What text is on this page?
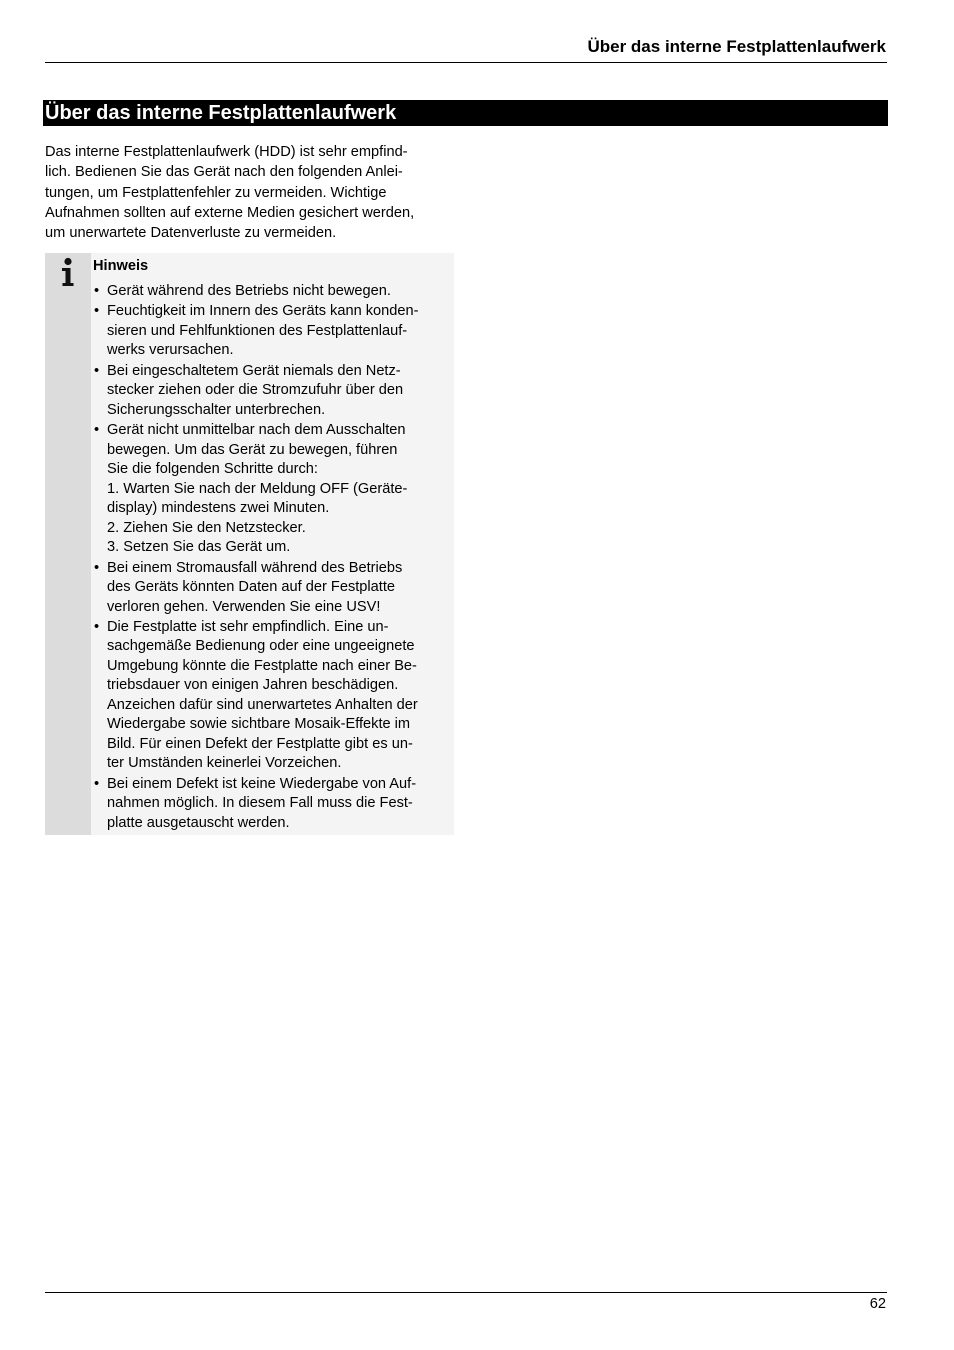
Über das interne Festplattenlaufwerk
Über das interne Festplattenlaufwerk
Das interne Festplattenlaufwerk (HDD) ist sehr empfind-
lich. Bedienen Sie das Gerät nach den folgenden Anlei-
tungen, um Festplattenfehler zu vermeiden. Wichtige
Aufnahmen sollten auf externe Medien gesichert werden,
um unerwartete Datenverluste zu vermeiden.
Hinweis
• Gerät während des Betriebs nicht bewegen.
• Feuchtigkeit im Innern des Geräts kann konden-
sieren und Fehlfunktionen des Festplattenlauf-
werks verursachen.
• Bei eingeschaltetem Gerät niemals den Netz-
stecker ziehen oder die Stromzufuhr über den
Sicherungsschalter unterbrechen.
• Gerät nicht unmittelbar nach dem Ausschalten
bewegen. Um das Gerät zu bewegen, führen
Sie die folgenden Schritte durch:
1. Warten Sie nach der Meldung OFF (Geräte-
display) mindestens zwei Minuten.
2. Ziehen Sie den Netzstecker.
3. Setzen Sie das Gerät um.
• Bei einem Stromausfall während des Betriebs
des Geräts könnten Daten auf der Festplatte
verloren gehen. Verwenden Sie eine USV!
• Die Festplatte ist sehr empfindlich. Eine un-
sachgemäße Bedienung oder eine ungeeignete
Umgebung könnte die Festplatte nach einer Be-
triebsdauer von einigen Jahren beschädigen.
Anzeichen dafür sind unerwartetes Anhalten der
Wiedergabe sowie sichtbare Mosaik-Effekte im
Bild. Für einen Defekt der Festplatte gibt es un-
ter Umständen keinerlei Vorzeichen.
• Bei einem Defekt ist keine Wiedergabe von Auf-
nahmen möglich. In diesem Fall muss die Fest-
platte ausgetauscht werden.
62
